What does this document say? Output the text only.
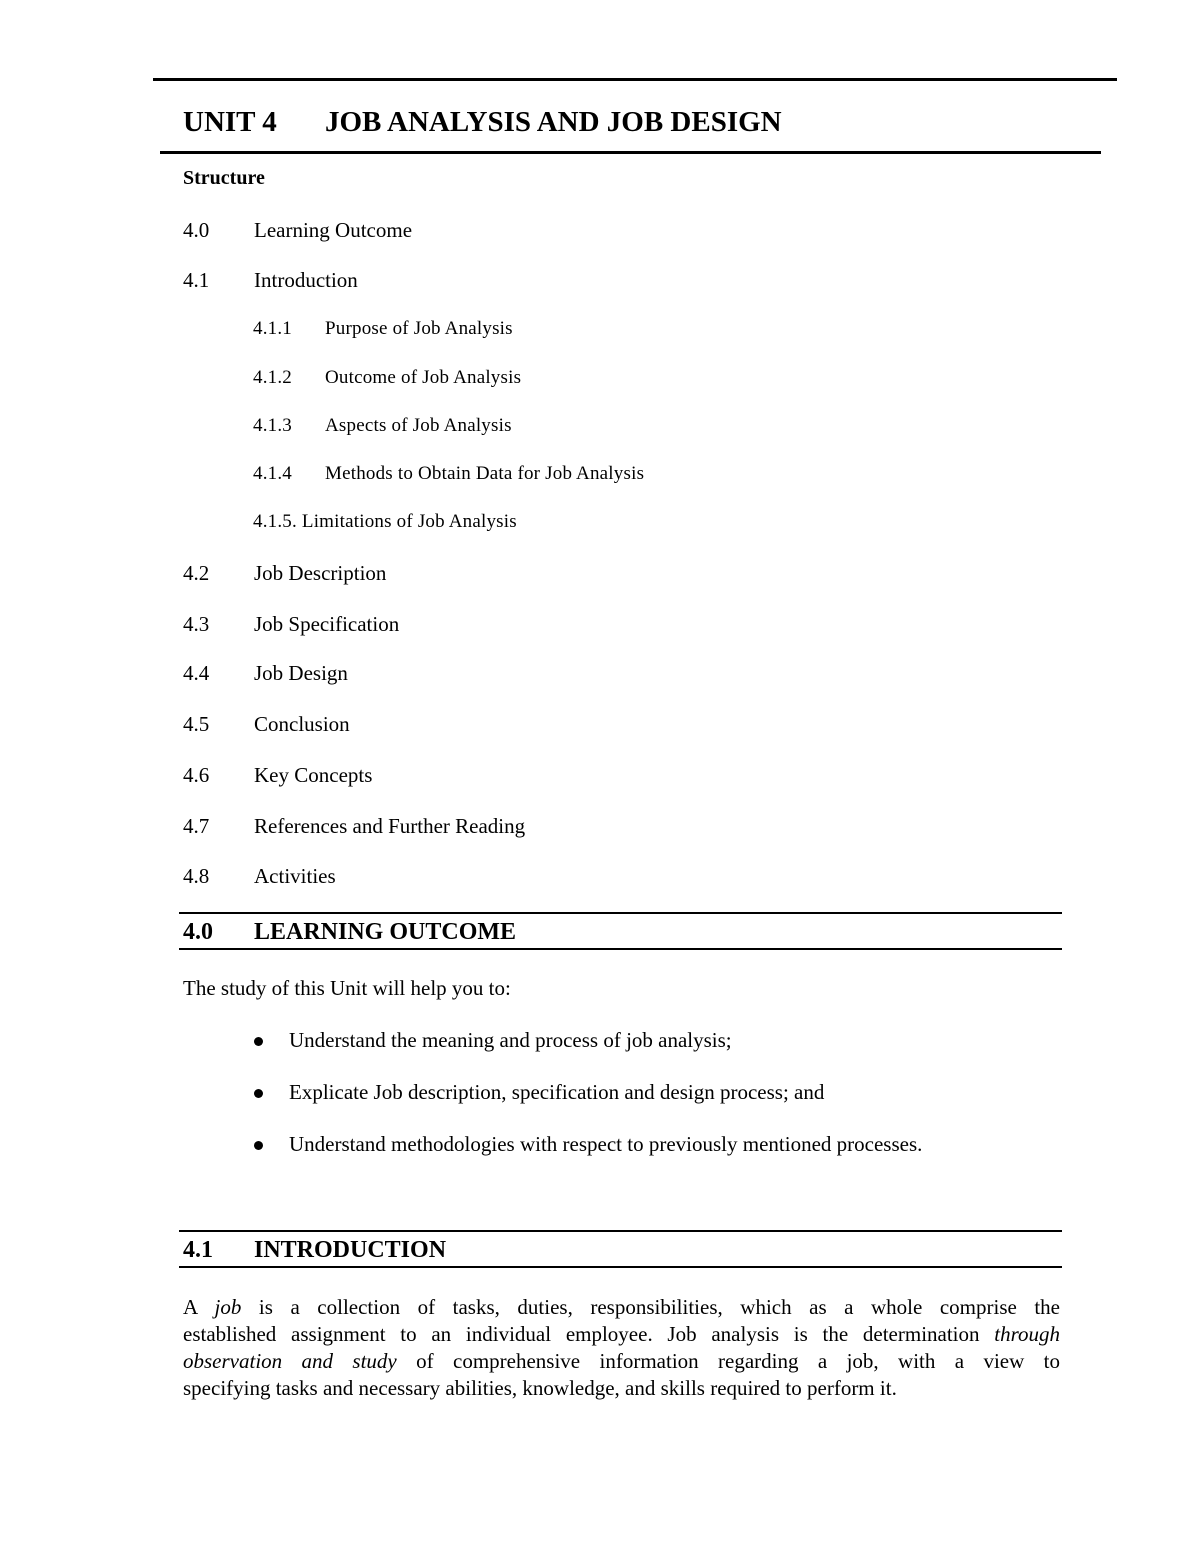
UNIT 4 JOB ANALYSIS AND JOB DESIGN
Structure
4.0 Learning Outcome
4.1 Introduction
4.1.1 Purpose of Job Analysis
4.1.2 Outcome of Job Analysis
4.1.3 Aspects of Job Analysis
4.1.4 Methods to Obtain Data for Job Analysis
4.1.5. Limitations of Job Analysis
4.2 Job Description
4.3 Job Specification
4.4 Job Design
4.5 Conclusion
4.6 Key Concepts
4.7 References and Further Reading
4.8 Activities
4.0 LEARNING OUTCOME
The study of this Unit will help you to:
Understand the meaning and process of job analysis;
Explicate Job description, specification and design process; and
Understand methodologies with respect to previously mentioned processes.
4.1 INTRODUCTION
A job is a collection of tasks, duties, responsibilities, which as a whole comprise the
established assignment to an individual employee. Job analysis is the determination through
observation and study of comprehensive information regarding a job, with a view to
specifying tasks and necessary abilities, knowledge, and skills required to perform it.
